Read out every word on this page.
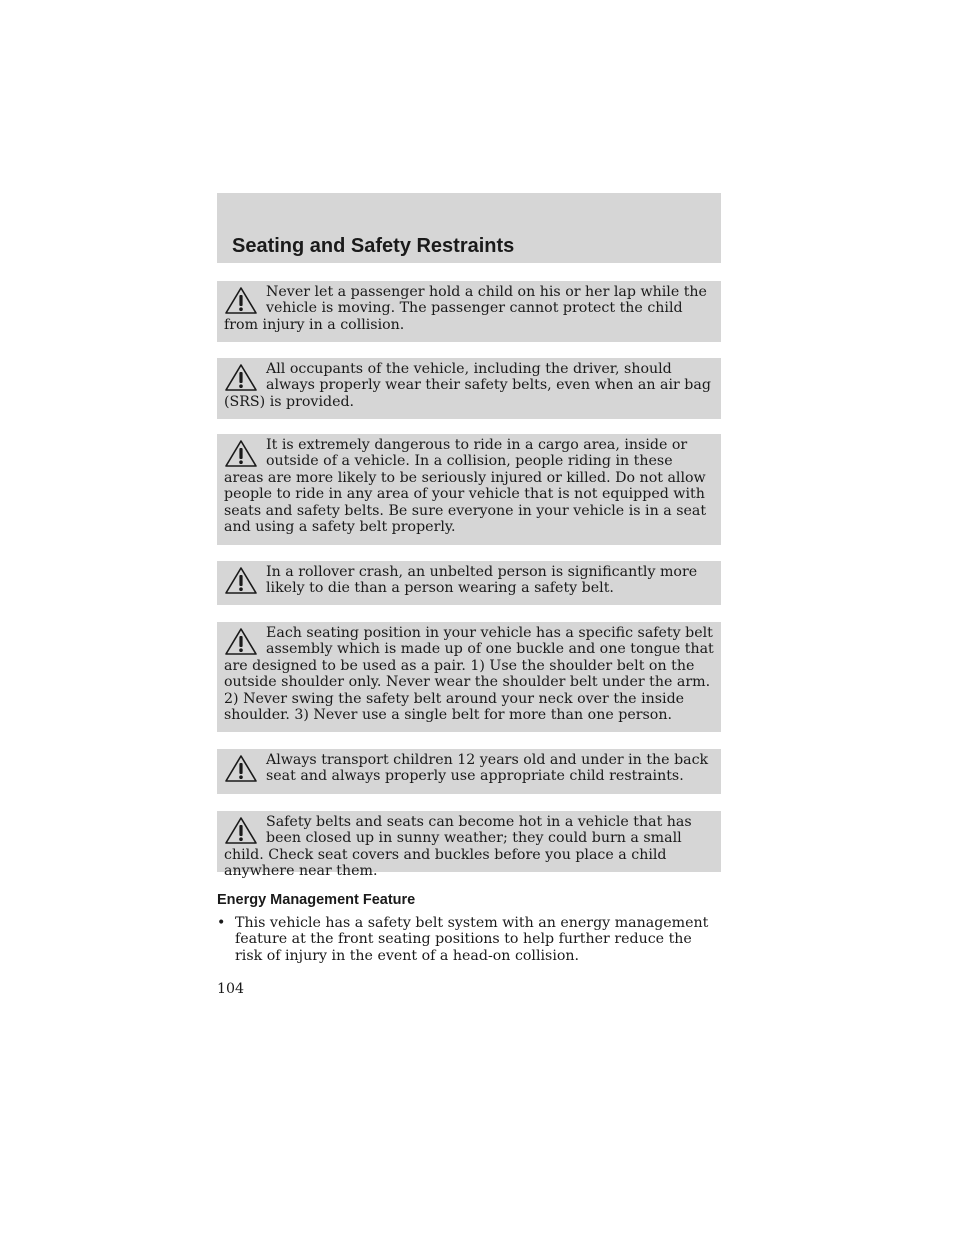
Seating and Safety Restraints

Never let a passenger hold a child on his or her lap while the vehicle is moving. The passenger cannot protect the child from injury in a collision.

All occupants of the vehicle, including the driver, should always properly wear their safety belts, even when an air bag (SRS) is provided.

It is extremely dangerous to ride in a cargo area, inside or outside of a vehicle. In a collision, people riding in these areas are more likely to be seriously injured or killed. Do not allow people to ride in any area of your vehicle that is not equipped with seats and safety belts. Be sure everyone in your vehicle is in a seat and using a safety belt properly.

In a rollover crash, an unbelted person is significantly more likely to die than a person wearing a safety belt.

Each seating position in your vehicle has a specific safety belt assembly which is made up of one buckle and one tongue that are designed to be used as a pair. 1) Use the shoulder belt on the outside shoulder only. Never wear the shoulder belt under the arm. 2) Never swing the safety belt around your neck over the inside shoulder. 3) Never use a single belt for more than one person.

Always transport children 12 years old and under in the back seat and always properly use appropriate child restraints.

Safety belts and seats can become hot in a vehicle that has been closed up in sunny weather; they could burn a small child. Check seat covers and buckles before you place a child anywhere near them.

Energy Management Feature
• This vehicle has a safety belt system with an energy management feature at the front seating positions to help further reduce the risk of injury in the event of a head-on collision.

104
